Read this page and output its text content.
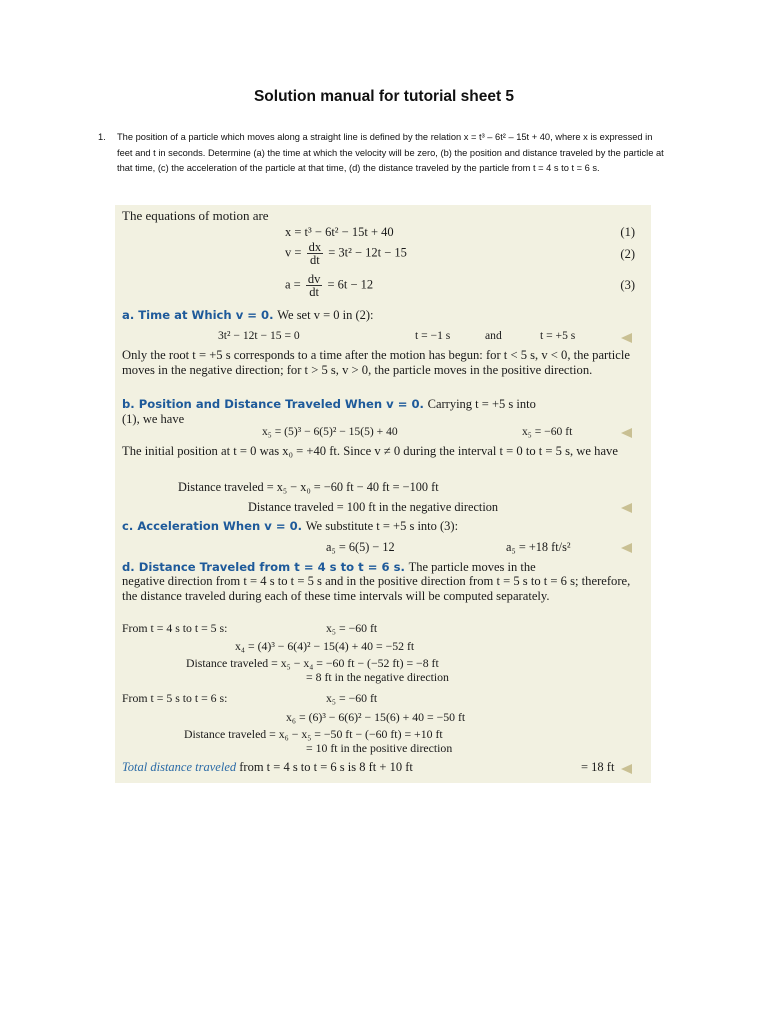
Solution manual for tutorial sheet 5
1. The position of a particle which moves along a straight line is defined by the relation x = t³ – 6t² – 15t + 40, where x is expressed in feet and t in seconds. Determine (a) the time at which the velocity will be zero, (b) the position and distance traveled by the particle at that time, (c) the acceleration of the particle at that time, (d) the distance traveled by the particle from t = 4 s to t = 6 s.
The equations of motion are
x = t³ − 6t² − 15t + 40	(1)
$v = \frac{dx}{dt} = 3t^2 - 12t - 15$	(2)
$a = \frac{dv}{dt} = 6t - 12$	(3)
a. Time at Which v = 0. We set v = 0 in (2):
3t² − 12t − 15 = 0	t = −1 s	and	t = +5 s
Only the root t = +5 s corresponds to a time after the motion has begun: for t < 5 s, v < 0, the particle moves in the negative direction; for t > 5 s, v > 0, the particle moves in the positive direction.
b. Position and Distance Traveled When v = 0. Carrying t = +5 s into
(1), we have
x₅ = (5)³ − 6(5)² − 15(5) + 40	x₅ = −60 ft
The initial position at t = 0 was x₀ = +40 ft. Since v ≠ 0 during the interval t = 0 to t = 5 s, we have
Distance traveled = x₅ − x₀ = −60 ft − 40 ft = −100 ft
Distance traveled = 100 ft in the negative direction
c. Acceleration When v = 0. We substitute t = +5 s into (3):
a₅ = 6(5) − 12	a₅ = +18 ft/s²
d. Distance Traveled from t = 4 s to t = 6 s. The particle moves in the
negative direction from t = 4 s to t = 5 s and in the positive direction from t = 5 s to t = 6 s; therefore, the distance traveled during each of these time intervals will be computed separately.
From t = 4 s to t = 5 s:	x₅ = −60 ft
x₄ = (4)³ − 6(4)² − 15(4) + 40 = −52 ft
Distance traveled = x₅ − x₄ = −60 ft − (−52 ft) = −8 ft
= 8 ft in the negative direction
From t = 5 s to t = 6 s:	x₅ = −60 ft
x₆ = (6)³ − 6(6)² − 15(6) + 40 = −50 ft
Distance traveled = x₆ − x₅ = −50 ft − (−60 ft) = +10 ft
= 10 ft in the positive direction
Total distance traveled from t = 4 s to t = 6 s is 8 ft + 10 ft	= 18 ft
